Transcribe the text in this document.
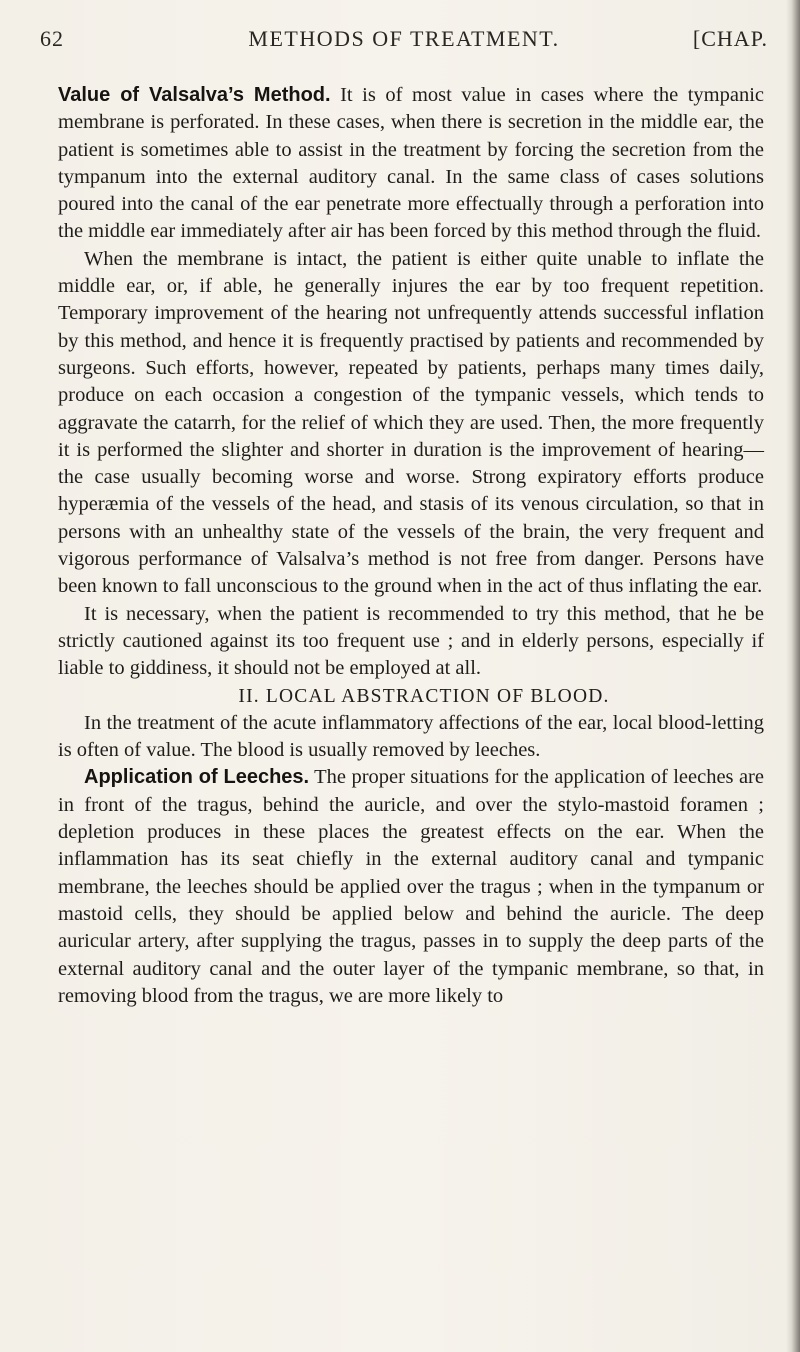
62	METHODS OF TREATMENT.	[CHAP.

Value of Valsalva’s Method. It is of most value in cases where the tympanic membrane is perforated. In these cases, when there is secretion in the middle ear, the patient is sometimes able to assist in the treatment by forcing the secretion from the tympanum into the external auditory canal. In the same class of cases solutions poured into the canal of the ear penetrate more effectually through a perforation into the middle ear immediately after air has been forced by this method through the fluid.

When the membrane is intact, the patient is either quite unable to inflate the middle ear, or, if able, he generally injures the ear by too frequent repetition. Temporary improvement of the hearing not unfrequently attends successful inflation by this method, and hence it is frequently practised by patients and recommended by surgeons. Such efforts, however, repeated by patients, perhaps many times daily, produce on each occasion a congestion of the tympanic vessels, which tends to aggravate the catarrh, for the relief of which they are used. Then, the more frequently it is performed the slighter and shorter in duration is the improvement of hearing—the case usually becoming worse and worse. Strong expiratory efforts produce hyperæmia of the vessels of the head, and stasis of its venous circulation, so that in persons with an unhealthy state of the vessels of the brain, the very frequent and vigorous performance of Valsalva’s method is not free from danger. Persons have been known to fall unconscious to the ground when in the act of thus inflating the ear.

It is necessary, when the patient is recommended to try this method, that he be strictly cautioned against its too frequent use ; and in elderly persons, especially if liable to giddiness, it should not be employed at all.

II. LOCAL ABSTRACTION OF BLOOD.

In the treatment of the acute inflammatory affections of the ear, local blood-letting is often of value. The blood is usually removed by leeches.

Application of Leeches. The proper situations for the application of leeches are in front of the tragus, behind the auricle, and over the stylo-mastoid foramen ; depletion produces in these places the greatest effects on the ear. When the inflammation has its seat chiefly in the external auditory canal and tympanic membrane, the leeches should be applied over the tragus ; when in the tympanum or mastoid cells, they should be applied below and behind the auricle. The deep auricular artery, after supplying the tragus, passes in to supply the deep parts of the external auditory canal and the outer layer of the tympanic membrane, so that, in removing blood from the tragus, we are more likely to
